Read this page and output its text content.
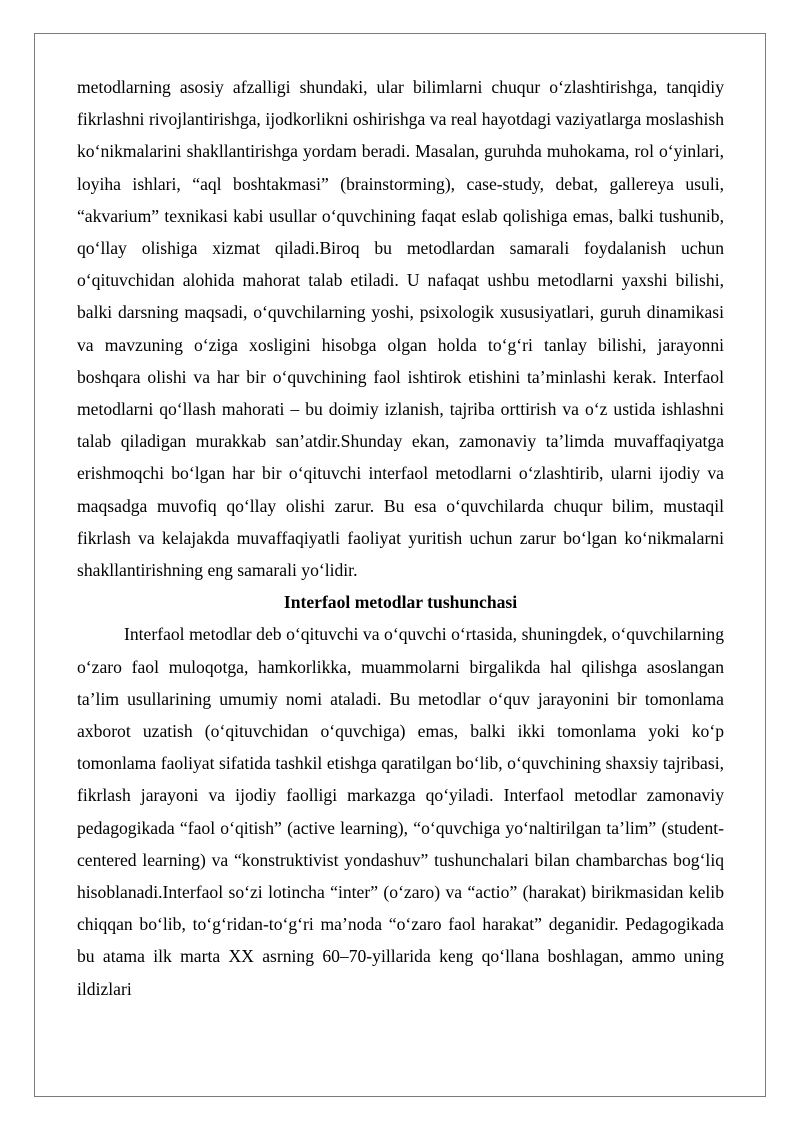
metodlarning asosiy afzalligi shundaki, ular bilimlarni chuqur o‘zlashtirishga, tanqidiy fikrlashni rivojlantirishga, ijodkorlikni oshirishga va real hayotdagi vaziyatlarga moslashish ko‘nikmalarini shakllantirishga yordam beradi. Masalan, guruhda muhokama, rol o‘yinlari, loyiha ishlari, “aql boshtakmasi” (brainstorming), case-study, debat, gallereya usuli, “akvarium” texnikasi kabi usullar o‘quvchining faqat eslab qolishiga emas, balki tushunib, qo‘llay olishiga xizmat qiladi.Biroq bu metodlardan samarali foydalanish uchun o‘qituvchidan alohida mahorat talab etiladi. U nafaqat ushbu metodlarni yaxshi bilishi, balki darsning maqsadi, o‘quvchilarning yoshi, psixologik xususiyatlari, guruh dinamikasi va mavzuning o‘ziga xosligini hisobga olgan holda to‘g‘ri tanlay bilishi, jarayonni boshqara olishi va har bir o‘quvchining faol ishtirok etishini ta’minlashi kerak. Interfaol metodlarni qo‘llash mahorati – bu doimiy izlanish, tajriba orttirish va o‘z ustida ishlashni talab qiladigan murakkab san’atdir.Shunday ekan, zamonaviy ta’limda muvaffaqiyatga erishmoqchi bo‘lgan har bir o‘qituvchi interfaol metodlarni o‘zlashtirib, ularni ijodiy va maqsadga muvofiq qo‘llay olishi zarur. Bu esa o‘quvchilarda chuqur bilim, mustaqil fikrlash va kelajakda muvaffaqiyatli faoliyat yuritish uchun zarur bo‘lgan ko‘nikmalarni shakllantirishning eng samarali yo‘lidir.

Interfaol metodlar tushunchasi

Interfaol metodlar deb o‘qituvchi va o‘quvchi o‘rtasida, shuningdek, o‘quvchilarning o‘zaro faol muloqotga, hamkorlikka, muammolarni birgalikda hal qilishga asoslangan ta’lim usullarining umumiy nomi ataladi. Bu metodlar o‘quv jarayonini bir tomonlama axborot uzatish (o‘qituvchidan o‘quvchiga) emas, balki ikki tomonlama yoki ko‘p tomonlama faoliyat sifatida tashkil etishga qaratilgan bo‘lib, o‘quvchining shaxsiy tajribasi, fikrlash jarayoni va ijodiy faolligi markazga qo‘yiladi. Interfaol metodlar zamonaviy pedagogikada “faol o‘qitish” (active learning), “o‘quvchiga yo‘naltirilgan ta’lim” (student-centered learning) va “konstruktivist yondashuv” tushunchalari bilan chambarchas bog‘liq hisoblanadi.Interfaol so‘zi lotincha “inter” (o‘zaro) va “actio” (harakat) birikmasidan kelib chiqqan bo‘lib, to‘g‘ridan-to‘g‘ri ma’noda “o‘zaro faol harakat” deganidir. Pedagogikada bu atama ilk marta XX asrning 60–70-yillarida keng qo‘llana boshlagan, ammo uning ildizlari
